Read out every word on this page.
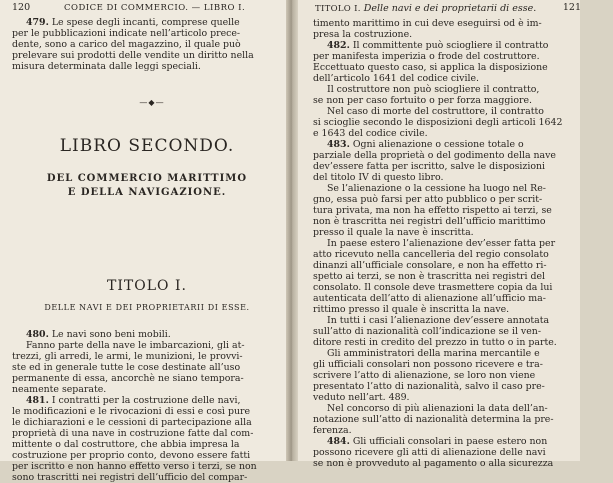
120	CODICE DI COMMERCIO. — LIBRO I.

479. Le spese degli incanti, comprese quelle

per le pubblicazioni indicate nell’articolo prece-

dente, sono a carico del magazzino, il quale può

prelevare sui prodotti delle vendite un diritto nella

misura determinata dalle leggi speciali.

—◆—
LIBRO SECONDO.
DEL COMMERCIO MARITTIMO
E DELLA NAVIGAZIONE.
TITOLO I.
DELLE NAVI E DEI PROPRIETARII DI ESSE.

480. Le navi sono beni mobili.

Fanno parte della nave le imbarcazioni, gli at-

trezzi, gli arredi, le armi, le munizioni, le provvi-

ste ed in generale tutte le cose destinate all’uso

permanente di essa, ancorchè ne siano tempora-

neamente separate.

481. I contratti per la costruzione delle navi,

le modificazioni e le rivocazioni di essi e così pure

le dichiarazioni e le cessioni di partecipazione alla

proprietà di una nave in costruzione fatte dal com-

mittente o dal costruttore, che abbia impresa la

costruzione per proprio conto, devono essere fatti

per iscritto e non hanno effetto verso i terzi, se non

sono trascritti nei registri dell’ufficio del compar-

TITOLO I. Delle navi e dei proprietarii di esse.	121

timento marittimo in cui deve eseguirsi od è im-

presa la costruzione.

482. Il committente può sciogliere il contratto

per manifesta imperizia o frode del costruttore.

Eccettuato questo caso, si applica la disposizione

dell’articolo 1641 del codice civile.

Il costruttore non può sciogliere il contratto,

se non per caso fortuito o per forza maggiore.

Nel caso di morte del costruttore, il contratto

si scioglie secondo le disposizioni degli articoli 1642

e 1643 del codice civile.

483. Ogni alienazione o cessione totale o

parziale della proprietà o del godimento della nave

dev’essere fatta per iscritto, salve le disposizioni

del titolo IV di questo libro.

Se l’alienazione o la cessione ha luogo nel Re-

gno, essa può farsi per atto pubblico o per scrit-

tura privata, ma non ha effetto rispetto ai terzi, se

non è trascritta nei registri dell’ufficio marittimo

presso il quale la nave è inscritta.

In paese estero l’alienazione dev’esser fatta per

atto ricevuto nella cancelleria del regio consolato

dinanzi all’ufficiale consolare, e non ha effetto ri-

spetto ai terzi, se non è trascritta nei registri del

consolato. Il console deve trasmettere copia da lui

autenticata dell’atto di alienazione all’ufficio ma-

rittimo presso il quale è inscritta la nave.

In tutti i casi l’alienazione dev’essere annotata

sull’atto di nazionalità coll’indicazione se il ven-

ditore resti in credito del prezzo in tutto o in parte.

Gli amministratori della marina mercantile e

gli ufficiali consolari non possono ricevere e tra-

scrivere l’atto di alienazione, se loro non viene

presentato l’atto di nazionalità, salvo il caso pre-

veduto nell’art. 489.

Nel concorso di più alienazioni la data dell’an-

notazione sull’atto di nazionalità determina la pre-

ferenza.

484. Gli ufficiali consolari in paese estero non

possono ricevere gli atti di alienazione delle navi

se non è provveduto al pagamento o alla sicurezza
